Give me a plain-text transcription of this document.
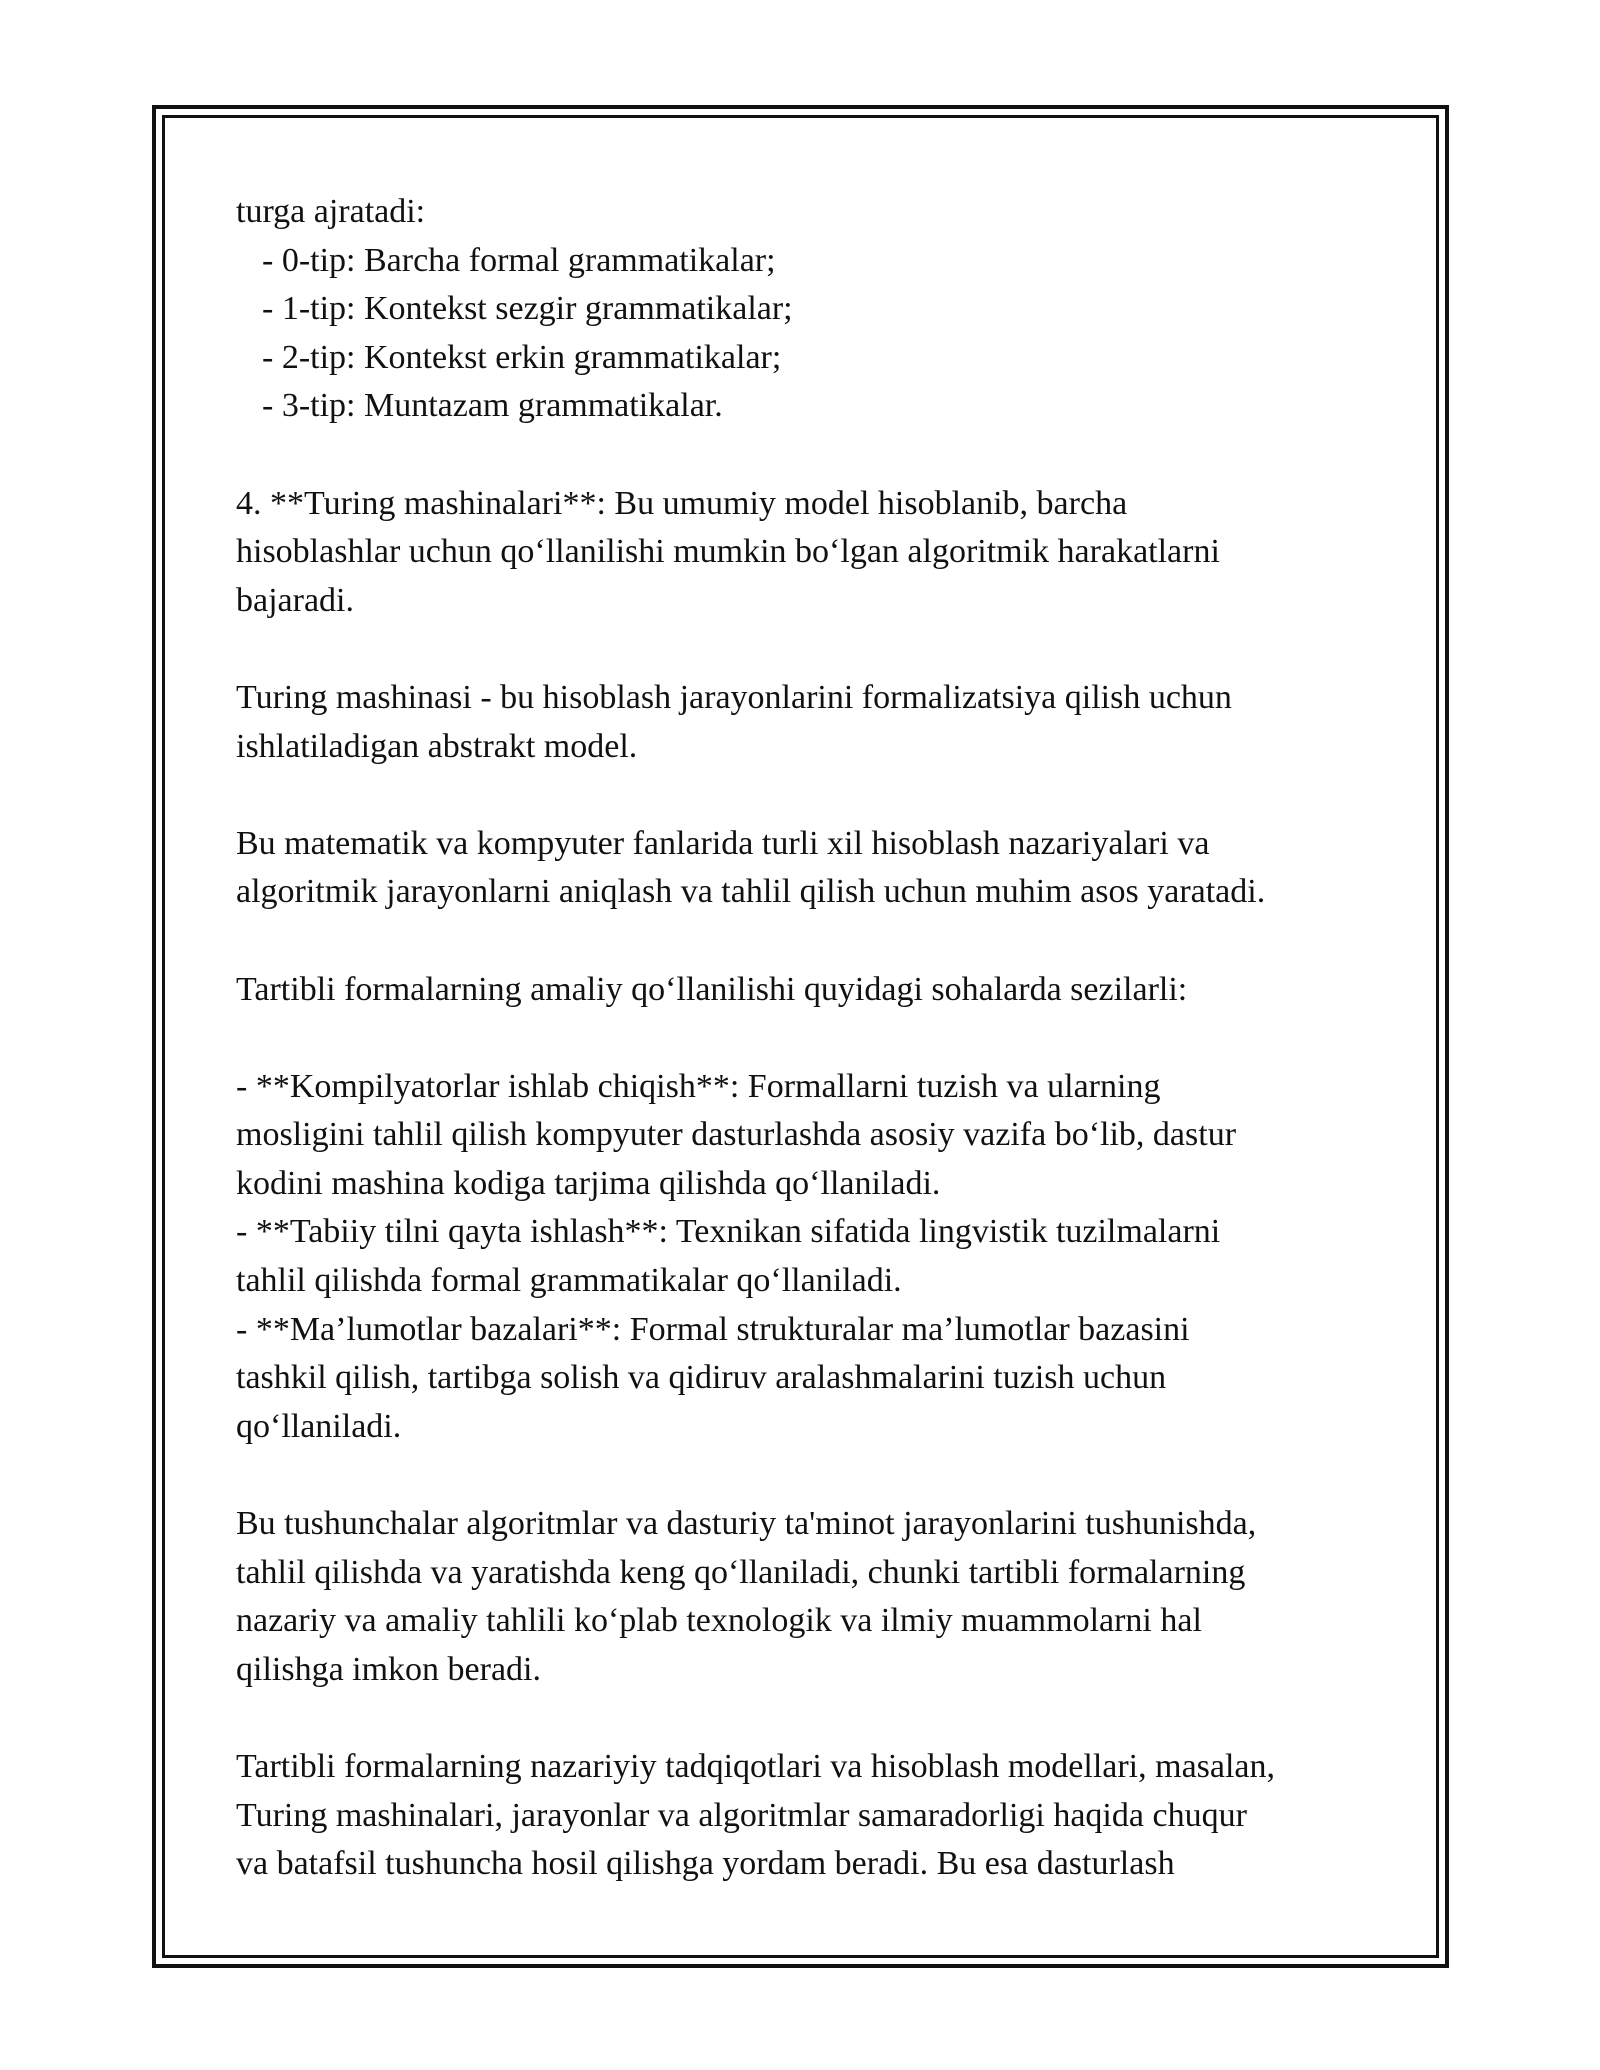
turga ajratadi:

- 0-tip: Barcha formal grammatikalar;

- 1-tip: Kontekst sezgir grammatikalar;

- 2-tip: Kontekst erkin grammatikalar;

- 3-tip: Muntazam grammatikalar.

4. **Turing mashinalari**: Bu umumiy model hisoblanib, barcha

hisoblashlar uchun qo‘llanilishi mumkin bo‘lgan algoritmik harakatlarni

bajaradi.

Turing mashinasi - bu hisoblash jarayonlarini formalizatsiya qilish uchun

ishlatiladigan abstrakt model.

Bu matematik va kompyuter fanlarida turli xil hisoblash nazariyalari va

algoritmik jarayonlarni aniqlash va tahlil qilish uchun muhim asos yaratadi.

Tartibli formalarning amaliy qo‘llanilishi quyidagi sohalarda sezilarli:

- **Kompilyatorlar ishlab chiqish**: Formallarni tuzish va ularning

mosligini tahlil qilish kompyuter dasturlashda asosiy vazifa bo‘lib, dastur

kodini mashina kodiga tarjima qilishda qo‘llaniladi.

- **Tabiiy tilni qayta ishlash**: Texnikan sifatida lingvistik tuzilmalarni

tahlil qilishda formal grammatikalar qo‘llaniladi.

- **Ma’lumotlar bazalari**: Formal strukturalar ma’lumotlar bazasini

tashkil qilish, tartibga solish va qidiruv aralashmalarini tuzish uchun

qo‘llaniladi.

Bu tushunchalar algoritmlar va dasturiy ta'minot jarayonlarini tushunishda,

tahlil qilishda va yaratishda keng qo‘llaniladi, chunki tartibli formalarning

nazariy va amaliy tahlili ko‘plab texnologik va ilmiy muammolarni hal

qilishga imkon beradi.

Tartibli formalarning nazariyiy tadqiqotlari va hisoblash modellari, masalan,

Turing mashinalari, jarayonlar va algoritmlar samaradorligi haqida chuqur

va batafsil tushuncha hosil qilishga yordam beradi. Bu esa dasturlash
